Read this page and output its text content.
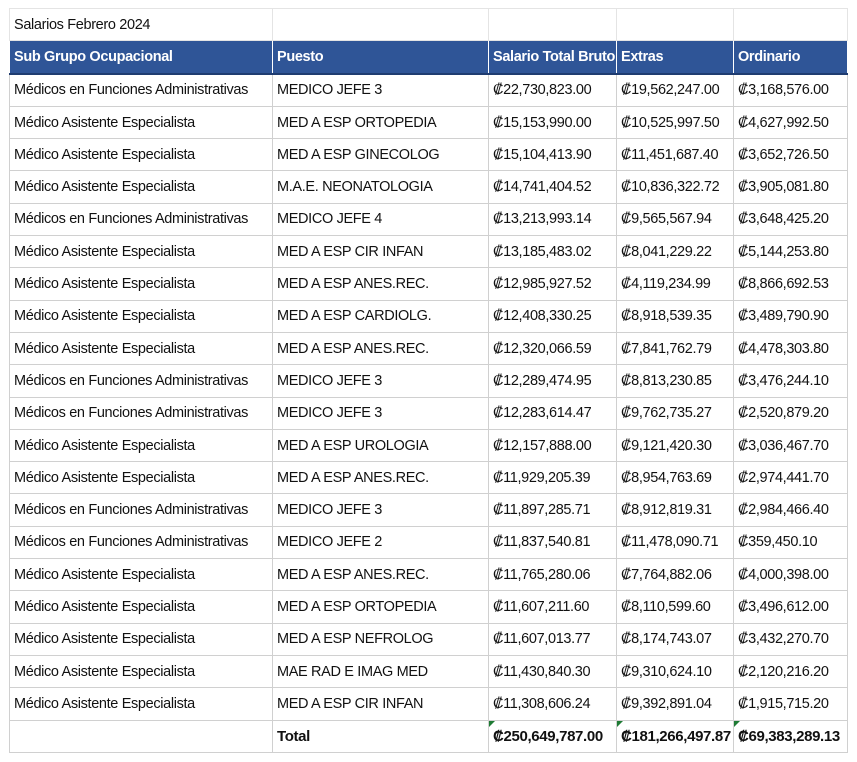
Salarios Febrero 2024				
Sub Grupo Ocupacional	Puesto	Salario Total Bruto	Extras	Ordinario
Médicos en Funciones Administrativas	MEDICO JEFE 3	₡22,730,823.00	₡19,562,247.00	₡3,168,576.00
Médico Asistente Especialista	MED A ESP ORTOPEDIA	₡15,153,990.00	₡10,525,997.50	₡4,627,992.50
Médico Asistente Especialista	MED A ESP GINECOLOG	₡15,104,413.90	₡11,451,687.40	₡3,652,726.50
Médico Asistente Especialista	M.A.E. NEONATOLOGIA	₡14,741,404.52	₡10,836,322.72	₡3,905,081.80
Médicos en Funciones Administrativas	MEDICO JEFE 4	₡13,213,993.14	₡9,565,567.94	₡3,648,425.20
Médico Asistente Especialista	MED A ESP CIR INFAN	₡13,185,483.02	₡8,041,229.22	₡5,144,253.80
Médico Asistente Especialista	MED A ESP ANES.REC.	₡12,985,927.52	₡4,119,234.99	₡8,866,692.53
Médico Asistente Especialista	MED A ESP CARDIOLG.	₡12,408,330.25	₡8,918,539.35	₡3,489,790.90
Médico Asistente Especialista	MED A ESP ANES.REC.	₡12,320,066.59	₡7,841,762.79	₡4,478,303.80
Médicos en Funciones Administrativas	MEDICO JEFE 3	₡12,289,474.95	₡8,813,230.85	₡3,476,244.10
Médicos en Funciones Administrativas	MEDICO JEFE 3	₡12,283,614.47	₡9,762,735.27	₡2,520,879.20
Médico Asistente Especialista	MED A ESP UROLOGIA	₡12,157,888.00	₡9,121,420.30	₡3,036,467.70
Médico Asistente Especialista	MED A ESP ANES.REC.	₡11,929,205.39	₡8,954,763.69	₡2,974,441.70
Médicos en Funciones Administrativas	MEDICO JEFE 3	₡11,897,285.71	₡8,912,819.31	₡2,984,466.40
Médicos en Funciones Administrativas	MEDICO JEFE 2	₡11,837,540.81	₡11,478,090.71	₡359,450.10
Médico Asistente Especialista	MED A ESP ANES.REC.	₡11,765,280.06	₡7,764,882.06	₡4,000,398.00
Médico Asistente Especialista	MED A ESP ORTOPEDIA	₡11,607,211.60	₡8,110,599.60	₡3,496,612.00
Médico Asistente Especialista	MED A ESP NEFROLOG	₡11,607,013.77	₡8,174,743.07	₡3,432,270.70
Médico Asistente Especialista	MAE RAD E IMAG MED	₡11,430,840.30	₡9,310,624.10	₡2,120,216.20
Médico Asistente Especialista	MED A ESP CIR INFAN	₡11,308,606.24	₡9,392,891.04	₡1,915,715.20
	Total	₡250,649,787.00	₡181,266,497.87	₡69,383,289.13
